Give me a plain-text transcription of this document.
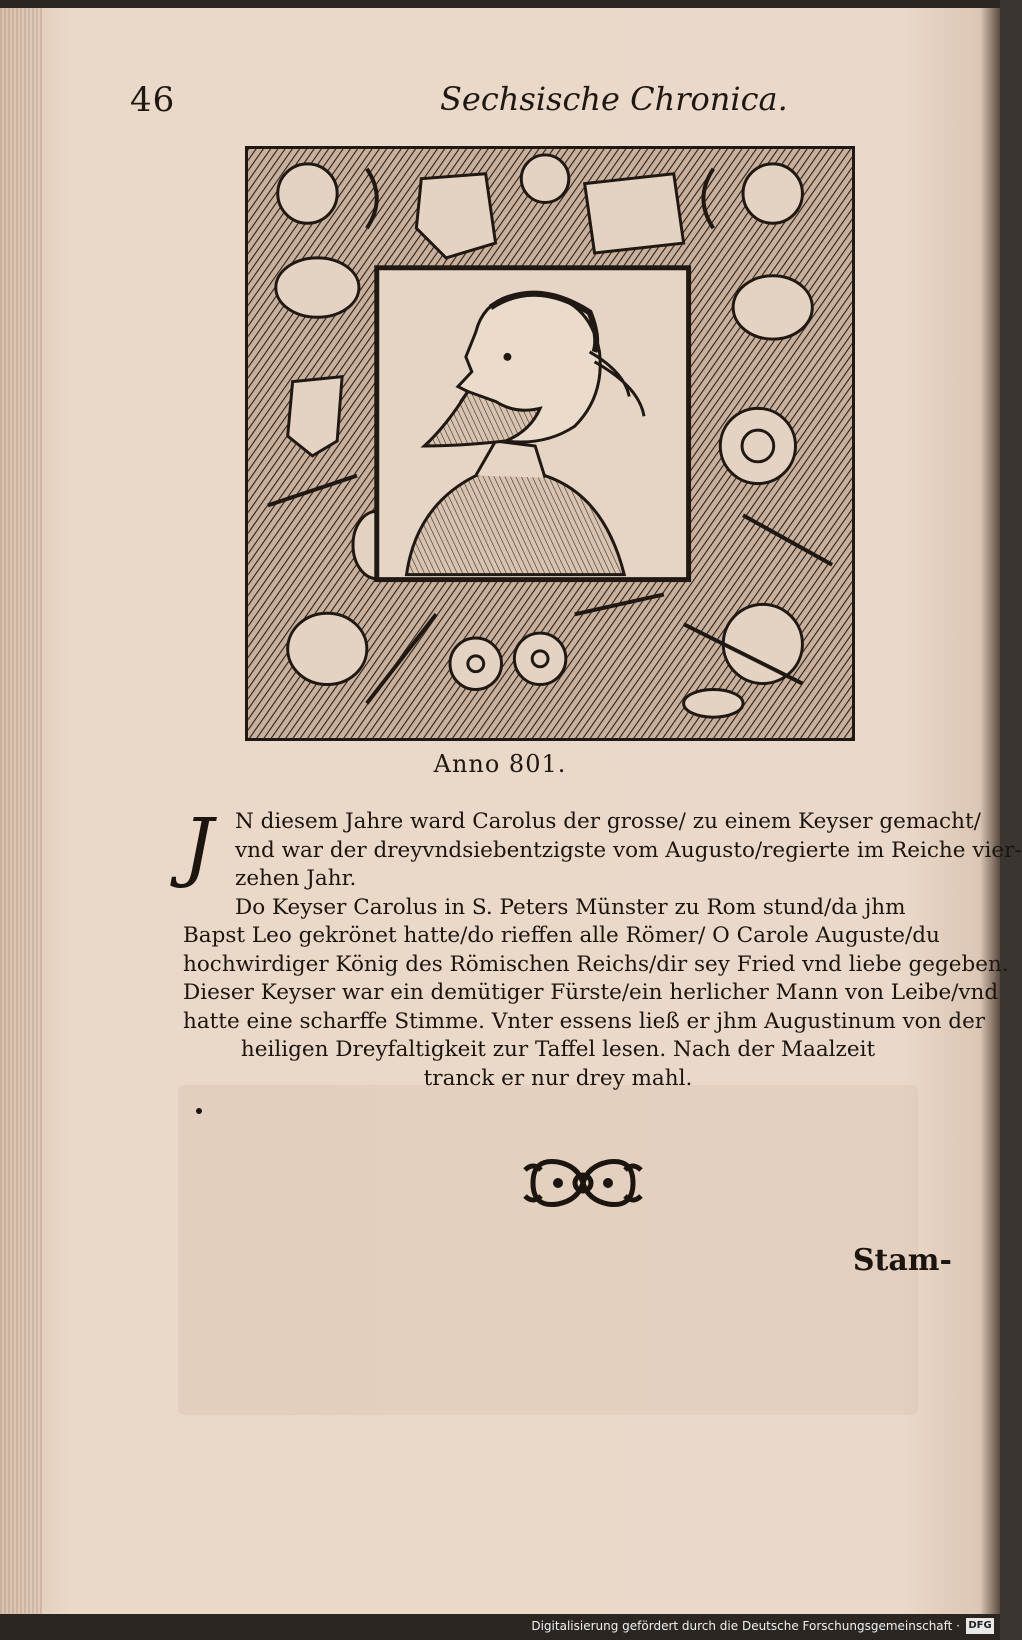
46	Sechsische Chronica.
Anno 801.
J	N diesem Jahre ward Carolus der grosse/ zu einem Keyser gemacht/
vnd war der dreyvndsiebentzigste vom Augusto/regierte im Reiche vier-
zehen Jahr.
Do Keyser Carolus in S. Peters Münster zu Rom stund/da jhm
Bapst Leo gekrönet hatte/do rieffen alle Römer/ O Carole Auguste/du
hochwirdiger König des Römischen Reichs/dir sey Fried vnd liebe gegeben.
Dieser Keyser war ein demütiger Fürste/ein herlicher Mann von Leibe/vnd
hatte eine scharffe Stimme. Vnter essens ließ er jhm Augustinum von der
heiligen Dreyfaltigkeit zur Taffel lesen. Nach der Maalzeit
tranck er nur drey mahl.
Stam-
Digitalisierung gefördert durch die Deutsche Forschungsgemeinschaft · DFG
